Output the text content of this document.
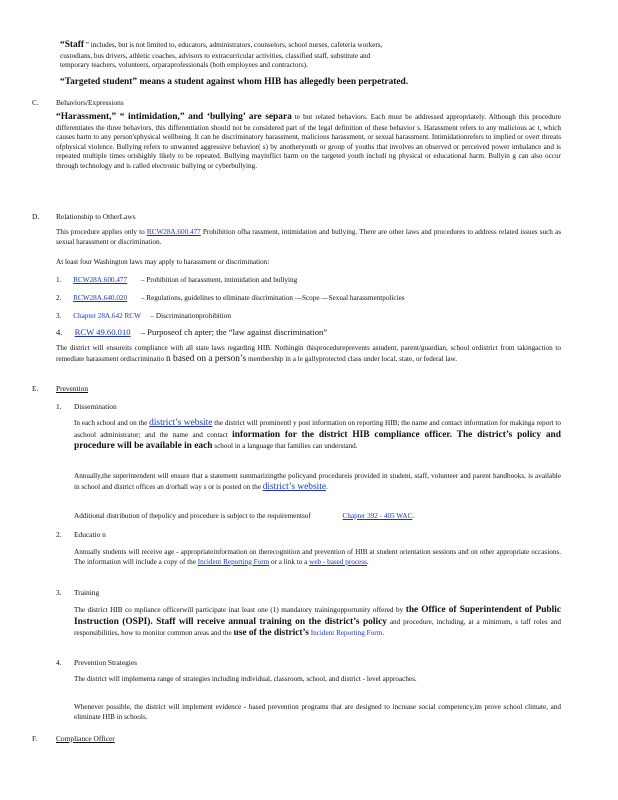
“Staff ” includes, but is not limited to, educators, administrators, counselors, school nurses, cafeteria workers,
custodians, bus drivers, athletic coaches, advisors to extracurricular activities, classified staff, substitute and
temporary teachers, volunteers, orparaprofessionals (both employees and contractors).
“Targeted student” means a student against whom HIB has allegedly been perpetrated.
C. Behaviors/Expressions
“Harassment,” “ intimidation,” and ‘bullying’ are separa te but related behaviors. Each must be addressed appropriately. Although this procedure differentiates the three behaviors, this differentiation should not be considered part of the legal definition of these behavior s. Harassment refers to any malicious ac t, which causes harm to any person'sphysical wellbeing. It can be discriminatory harassment, malicious harassment, or sexual harassment. Intimidationrefers to implied or overt threats ofphysical violence. Bullying refers to unwanted aggressive behavior( s) by anotheryouth or group of youths that involves an observed or perceived power imbalance and is repeated multiple times orishighly likely to be repeated. Bullying mayinflict harm on the targeted youth includi ng physical or educational harm. Bullyin g can also occur through technology and is called electronic bullying or cyberbullying.
D. Relationship to OtherLaws
This procedure applies only to RCW28A.600.477 Prohibition ofha rassment, intimidation and bullying. There are other laws and procedures to address related issues such as sexual harassment or discrimination.
At least four Washington laws may apply to harassment or discrimination:
1. RCW28A.600.477 – Prohibition of harassment, intimidation and bullying
2. RCW28A.640.020 – Regulations, guidelines to eliminate discrimination —Scope —Sexual harassmentpolicies
3. Chapter 28A.642 RCW – Discriminationprohibition
4. RCW 49.60.010 – Purposeof ch apter; the “law against discrimination”
The district will ensureits compliance with all state laws regarding HIB. Nothingin thisprocedureprevents astudent, parent/guardian, school ordistrict from takingaction to remediate harassment ordiscriminatio n based on a person’s membership in a le gallyprotected class under local, state, or federal law.
E. Prevention
1. Dissemination
In each school and on the district’s website the district will prominentl y post information on reporting HIB; the name and contact information for makinga report to aschool administrator; and the name and contact information for the district HIB compliance officer. The district’s policy and procedure will be available in each school in a language that families can understand.
Annually,the superintendent will ensure that a statement summarizingthe policyand procedureis provided in student, staff, volunteer and parent handbooks, is available in school and district offices an d/orhall way s or is posted on the district’s website.
Additional distribution of thepolicy and procedure is subject to the requirementsof	Chapter 392 - 405 WAC.
2. Educatio n
Annually students will receive age - appropriateinformation on therecognition and prevention of HIB at student orientation sessions and on other appropriate occasions. The information will include a copy of the Incident Reporting Form or a link to a web - based process.
3. Training
The district HIB co mpliance officerwill participate inat least one (1) mandatory trainingopportunity offered by the Office of Superintendent of Public Instruction (OSPI). Staff will receive annual training on the district’s policy and procedure, including, at a minimum, s taff roles and responsibilities, how to monitor common areas and the use of the district’s Incident Reporting Form.
4. Prevention Strategies
The district will implementa range of strategies including individual, classroom, school, and district - level approaches.
Whenever possible, the district will implement evidence - based prevention programs that are designed to increase social competency,im prove school climate, and eliminate HIB in schools.
F.	Compliance Officer
